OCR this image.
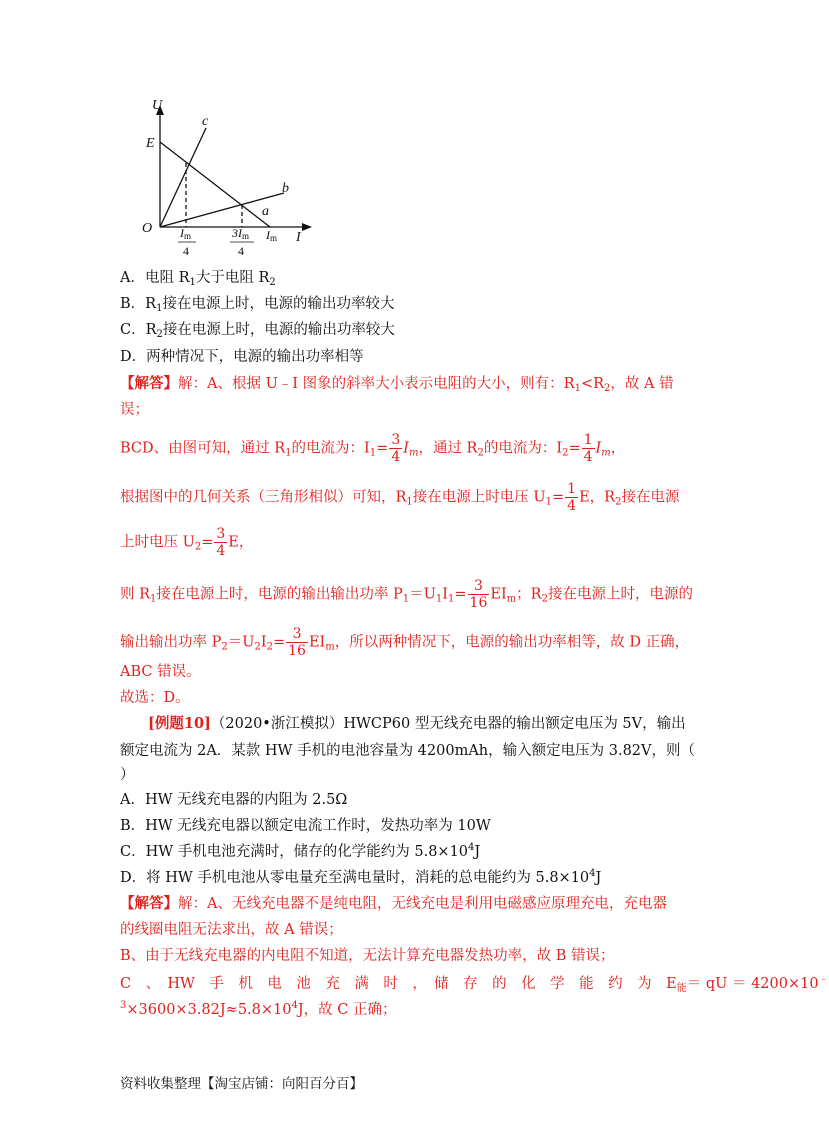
U
E
O
I
c
b
a
Im
4
3Im
4
Im
A．电阻 $R_1$大于电阻 $R_2$
B．$R_1$接在电源上时，电源的输出功率较大
C．$R_2$接在电源上时，电源的输出功率较大
D．两种情况下，电源的输出功率相等
【解答】解：A、根据 U﹣I 图象的斜率大小表示电阻的大小，则有：$R_1<R_2$，故 A 错
误；
BCD、由图可知，通过 $R_1$的电流为：$I_1= \frac{3}{4} I_m$，通过 $R_2$的电流为：$I_2= \frac{1}{4} I_m$，
根据图中的几何关系（三角形相似）可知，$R_1$接在电源上时电压 $U_1= \frac{1}{4}$ E，$R_2$接在电源
上时电压 $U_2= \frac{3}{4}$ E，
则 $R_1$接在电源上时，电源的输出输出功率 $P_1=U_1I_1= \frac{3}{16} EI_m$；$R_2$接在电源上时，电源的
输出输出功率 $P_2=U_2I_2= \frac{3}{16} EI_m$，所以两种情况下，电源的输出功率相等，故 D 正确，
ABC 错误。
故选：D。
[例题10]（2020•浙江模拟）HWCP60 型无线充电器的输出额定电压为 5V，输出
额定电流为 2A．某款 HW 手机的电池容量为 4200mAh，输入额定电压为 3.82V，则（
）
A．HW 无线充电器的内阻为 2.5Ω
B．HW 无线充电器以额定电流工作时，发热功率为 10W
C．HW 手机电池充满时，储存的化学能约为 $5.8\times 10^4J$
D．将 HW 手机电池从零电量充至满电量时，消耗的总电能约为 $5.8\times 10^4J$
【解答】解：A、无线充电器不是纯电阻，无线充电是利用电磁感应原理充电，充电器
的线圈电阻无法求出，故 A 错误；
B、由于无线充电器的内电阻不知道，无法计算充电器发热功率，故 B 错误；
C　、　HW　手　机　电　池　充　满　时　，　储　存　的　化　学　能　约　为　$E_能=$ qU ＝ 4200×10﹣
$^3\times 3600\times 3.82J\approx 5.8\times 10^4J$，故 C 正确；
资料收集整理【淘宝店铺：向阳百分百】
